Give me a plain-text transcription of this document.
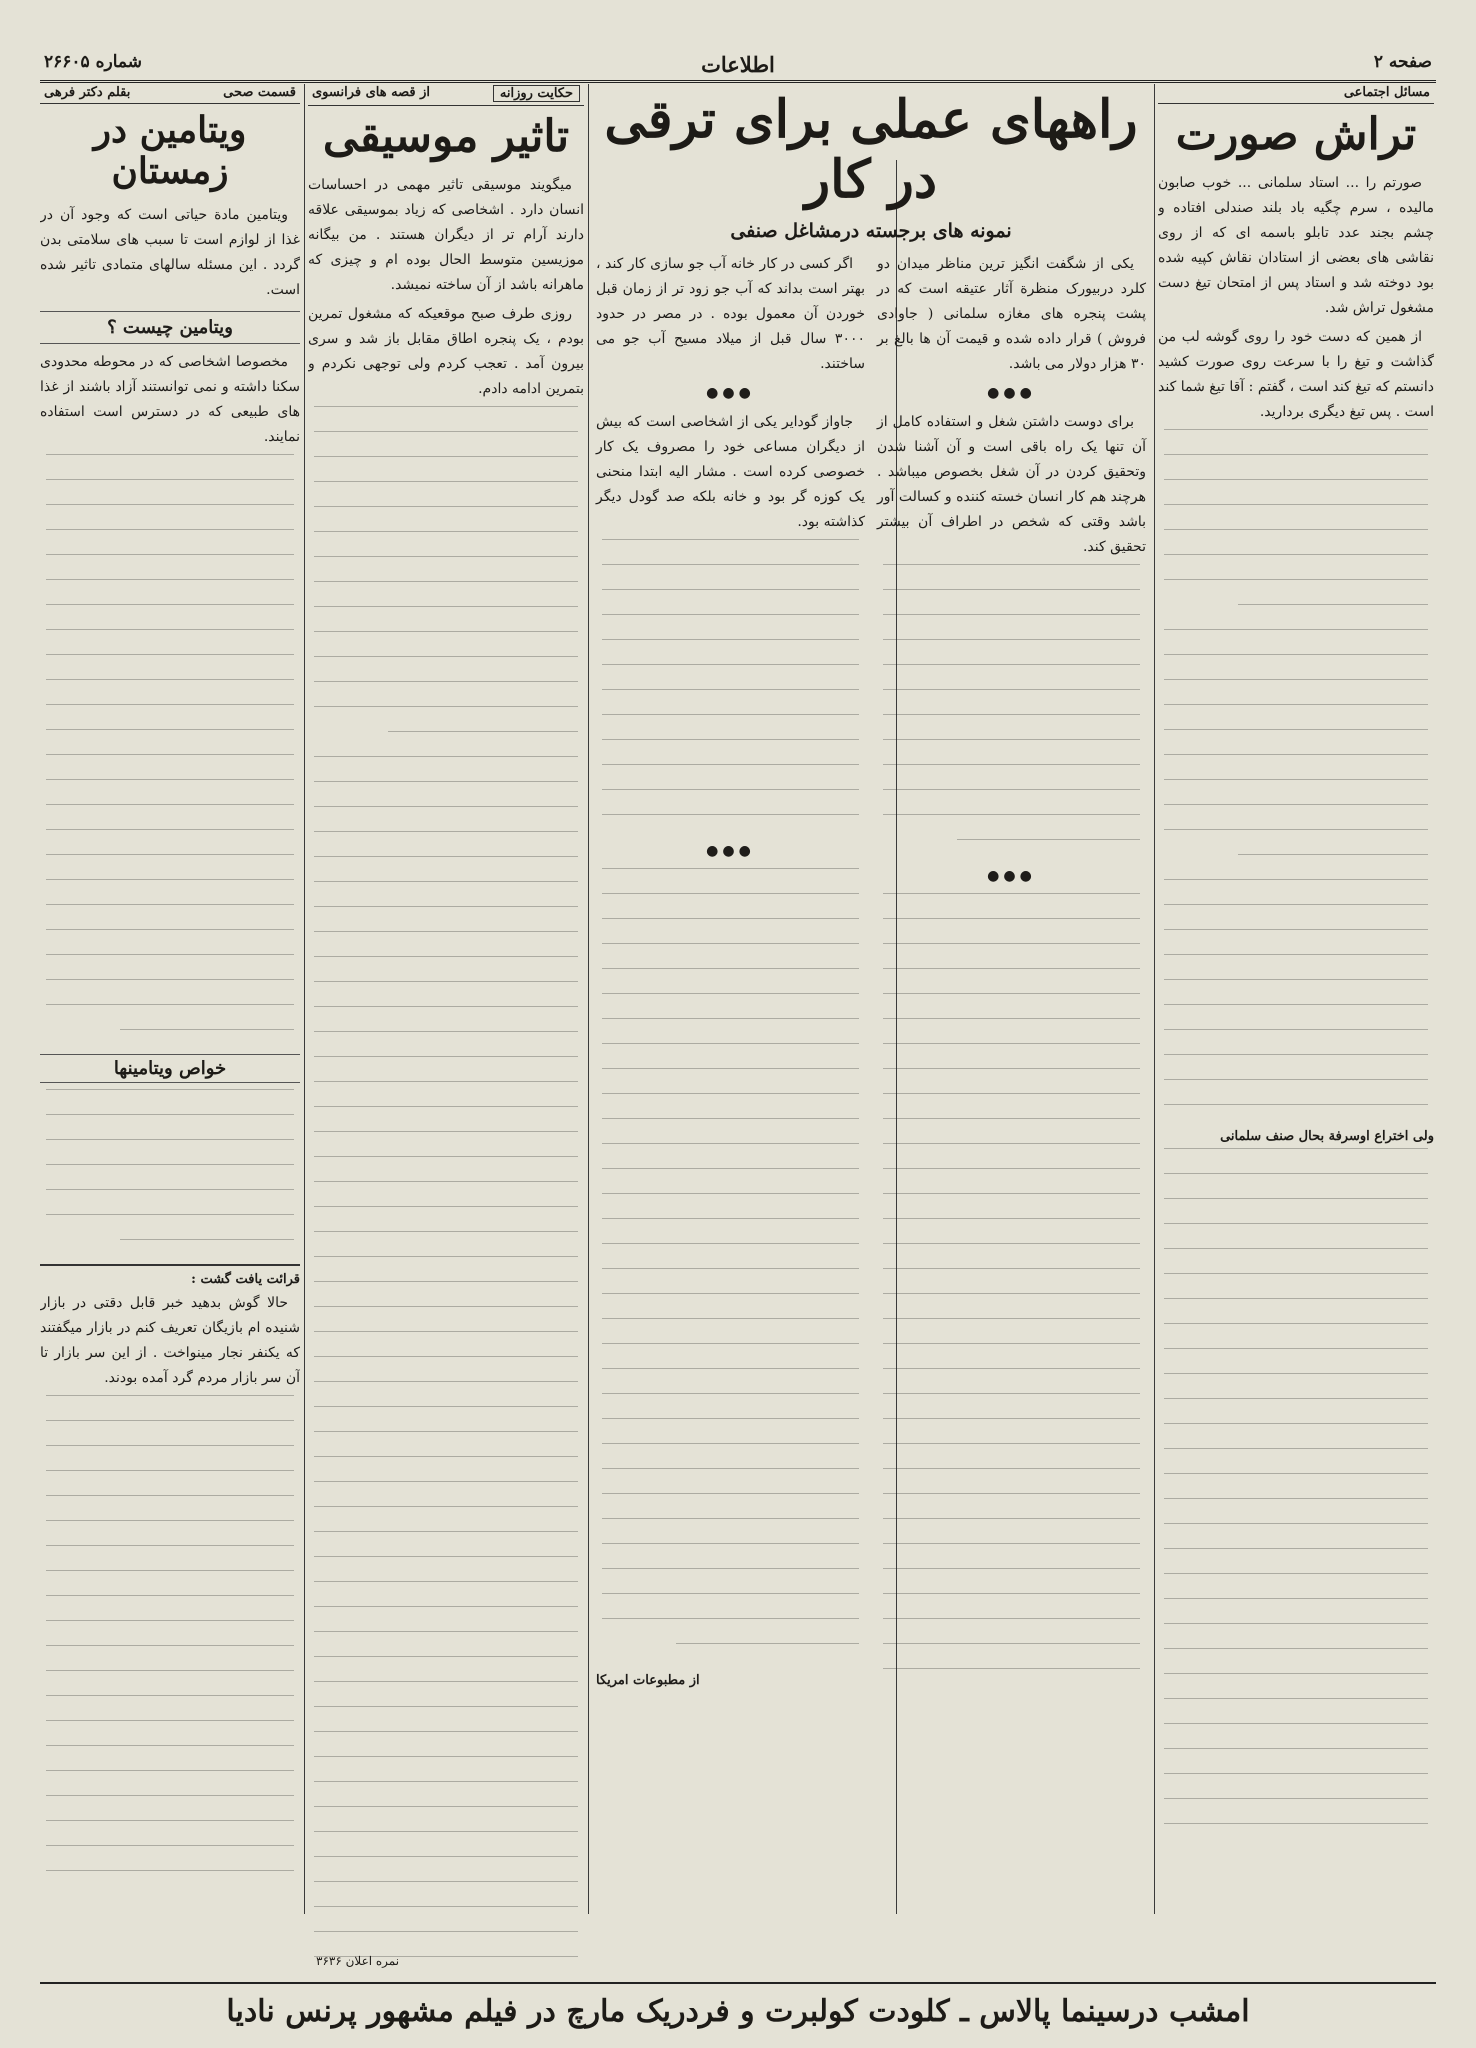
صفحه ۲
اطلاعات
شماره ۲۶۶۰۵
مسائل اجتماعی
تراش صورت

صورتم را ... استاد سلمانی ... خوب صابون مالیده ، سرم چگیه باد بلند صندلی افتاده و چشم بجند عدد تابلو باسمه ای که از روی نقاشی های بعضی از استادان نقاش کپیه شده بود دوخته شد و استاد پس از امتحان تیغ دست مشغول تراش شد.

از همین که دست خود را روی گوشه لب من گذاشت و تیغ را با سرعت روی صورت کشید دانستم که تیغ کند است ، گفتم : آقا تیغ شما کند است . پس تیغ دیگری بردارید.

ولی اختراع اوسرفة بحال صنف سلمانی
راههای عملی برای ترقی در کار
نمونه های برجسته درمشاغل صنفی

یکی از شگفت انگیز ترین مناظر میدان دو کلرد دربیورک منظرة آثار عتیقه است که در پشت پنجره های مغازه سلمانی ( جاوادی فروش ) قرار داده شده و قیمت آن ها بالغ بر ۳۰ هزار دولار می باشد.

●●●

برای دوست داشتن شغل و استفاده کامل از آن تنها یک راه باقی است و آن آشنا شدن وتحقیق کردن در آن شغل بخصوص میباشد . هرچند هم کار انسان خسته کننده و کسالت آور باشد وقتی که شخص در اطراف آن بیشتر تحقیق کند.

●●●

اگر کسی در کار خانه آب جو سازی کار کند ، بهتر است بداند که آب جو زود تر از زمان قبل خوردن آن معمول بوده . در مصر در حدود ۳۰۰۰ سال قبل از میلاد مسیح آب جو می ساختند.

●●●

جاواز گودایر یکی از اشخاصی است که بیش از دیگران مساعی خود را مصروف یک کار خصوصی کرده است . مشار الیه ابتدا منحنی یک کوزه گر بود و خانه بلکه صد گودل دیگر کذاشته بود.

●●●
از مطبوعات امریکا
حکایت روزانه
از قصه های فرانسوی
تاثیر موسیقی

میگویند موسیقی تاثیر مهمی در احساسات انسان دارد . اشخاصی که زیاد بموسیقی علاقه دارند آرام تر از دیگران هستند . من بیگانه موزیسین متوسط الحال بوده ام و چیزی که ماهرانه باشد از آن ساخته نمیشد.

روزی طرف صبح موقعیکه که مشغول تمرین بودم ، یک پنجره اطاق مقابل باز شد و سری بیرون آمد . تعجب کردم ولی توجهی نکردم و بتمرین ادامه دادم.

نمره اعلان ۳۶۳۶
قسمت صحی
بقلم دکتر فرهی
ویتامین در زمستان

ویتامین مادة حیاتی است که وجود آن در غذا از لوازم است تا سبب های سلامتی بدن گردد . این مسئله سالهای متمادی تاثیر شده است.

ویتامین چیست ؟

مخصوصا اشخاصی که در محوطه محدودی سکنا داشته و نمی توانستند آزاد باشند از غذا های طبیعی که در دسترس است استفاده نمایند.

خواص ویتامینها
قرائت یافت گشت :

حالا گوش بدهید خبر قابل دقتی در بازار شنیده ام بازیگان تعریف کنم در بازار میگفتند که یکنفر نجار مینواخت . از این سر بازار تا آن سر بازار مردم گرد آمده بودند.

امشب درسینما پالاس ـ کلودت کولبرت و فردریک مارچ در فیلم مشهور پرنس نادیا
